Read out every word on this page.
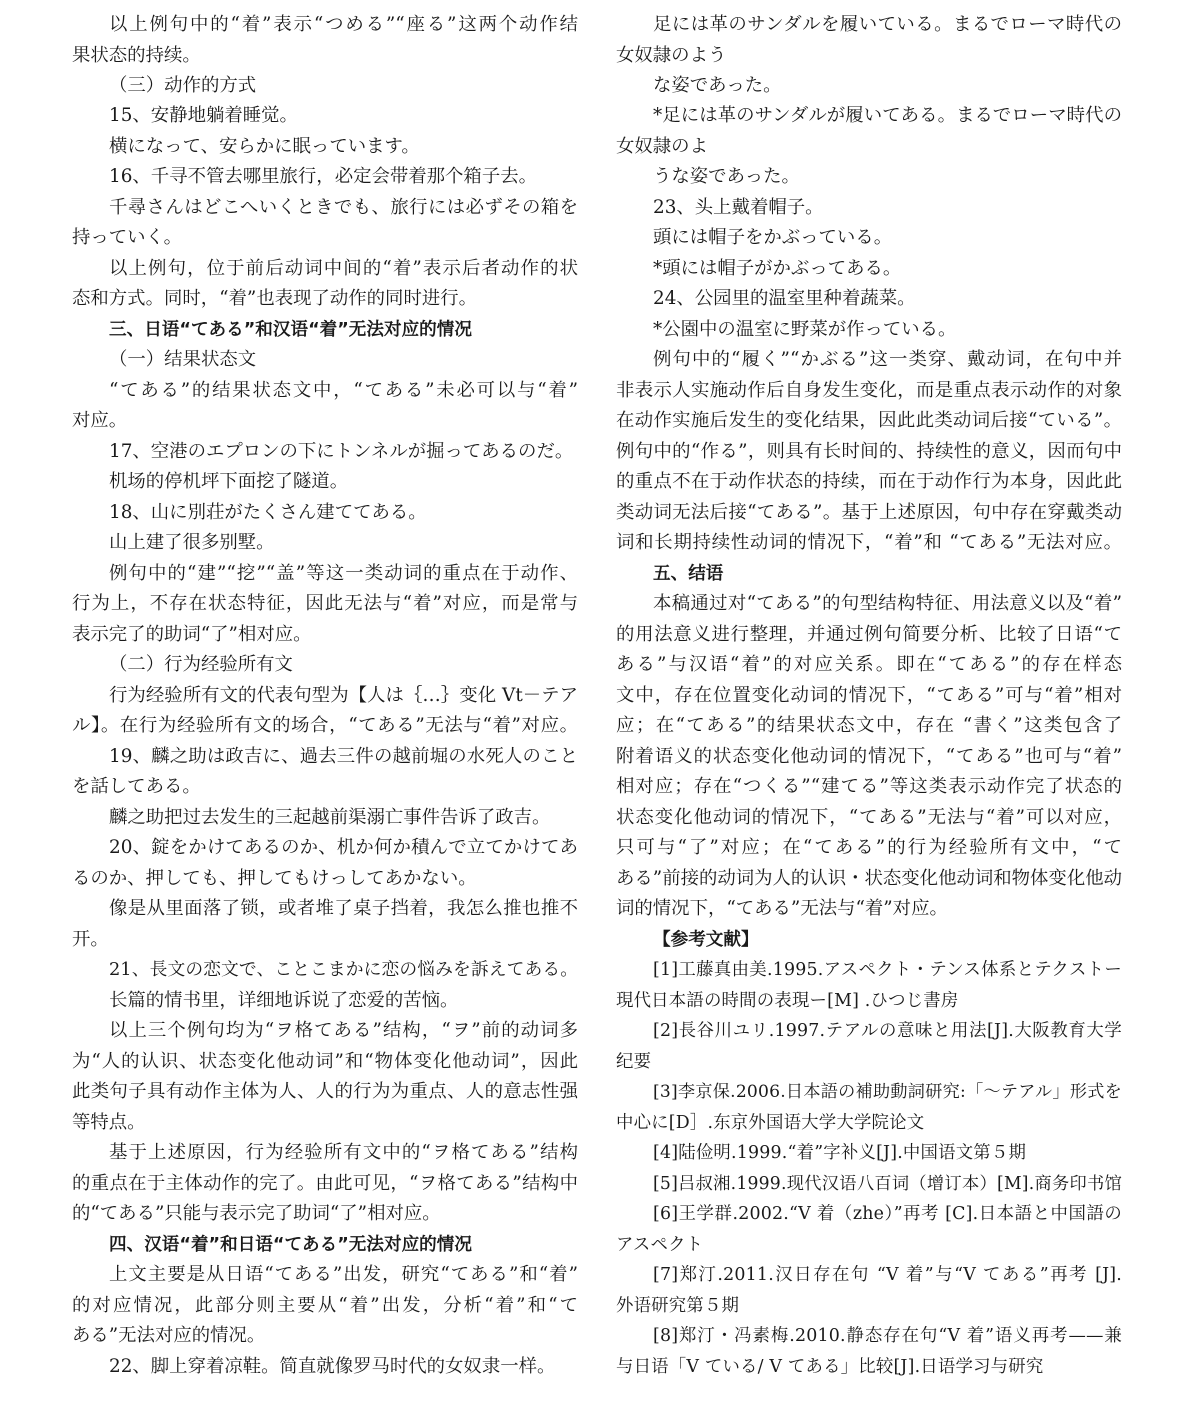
以上例句中的“着”表示“つめる”“座る”这两个动作结
果状态的持续。
（三）动作的方式
15、安静地躺着睡觉。
横になって、安らかに眠っています。
16、千寻不管去哪里旅行，必定会带着那个箱子去。
千尋さんはどこへいくときでも、旅行には必ずその箱を
持っていく。
以上例句，位于前后动词中间的“着”表示后者动作的状
态和方式。同时，“着”也表现了动作的同时进行。
三、日语“てある”和汉语“着”无法对应的情况
（一）结果状态文
“てある”的结果状态文中，“てある”未必可以与“着”
对应。
17、空港のエプロンの下にトンネルが掘ってあるのだ。
机场的停机坪下面挖了隧道。
18、山に別荘がたくさん建ててある。
山上建了很多别墅。
例句中的“建”“挖”“盖”等这一类动词的重点在于动作、
行为上，不存在状态特征，因此无法与“着”对应，而是常与
表示完了的助词“了”相对应。
（二）行为经验所有文
行为经验所有文的代表句型为【人は｛…｝变化 Vt－テア
ル】。在行为经验所有文的场合，“てある”无法与“着”对应。
19、麟之助は政吉に、過去三件の越前堀の水死人のこと
を話してある。
麟之助把过去发生的三起越前渠溺亡事件告诉了政吉。
20、錠をかけてあるのか、机か何か積んで立てかけてあ
るのか、押しても、押してもけっしてあかない。
像是从里面落了锁，或者堆了桌子挡着，我怎么推也推不
开。
21、長文の恋文で、ことこまかに恋の悩みを訴えてある。
长篇的情书里，详细地诉说了恋爱的苦恼。
以上三个例句均为“ヲ格てある”结构，“ヲ”前的动词多
为“人的认识、状态变化他动词”和“物体变化他动词”，因此
此类句子具有动作主体为人、人的行为为重点、人的意志性强
等特点。
基于上述原因，行为经验所有文中的“ヲ格てある”结构
的重点在于主体动作的完了。由此可见，“ヲ格てある”结构中
的“てある”只能与表示完了助词“了”相对应。
四、汉语“着”和日语“てある”无法对应的情况
上文主要是从日语“てある”出发，研究“てある”和“着”
的对应情况，此部分则主要从“着”出发，分析“着”和“て
ある”无法对应的情况。
22、脚上穿着凉鞋。简直就像罗马时代的女奴隶一样。
足には革のサンダルを履いている。まるでローマ時代の
女奴隷のよう
な姿であった。
*足には革のサンダルが履いてある。まるでローマ時代の
女奴隷のよ
うな姿であった。
23、头上戴着帽子。
頭には帽子をかぶっている。
*頭には帽子がかぶってある。
24、公园里的温室里种着蔬菜。
*公園中の温室に野菜が作っている。
例句中的“履く”“かぶる”这一类穿、戴动词，在句中并
非表示人实施动作后自身发生变化，而是重点表示动作的对象
在动作实施后发生的变化结果，因此此类动词后接“ている”。
例句中的“作る”，则具有长时间的、持续性的意义，因而句中
的重点不在于动作状态的持续，而在于动作行为本身，因此此
类动词无法后接“てある”。基于上述原因，句中存在穿戴类动
词和长期持续性动词的情况下，“着”和 “てある”无法对应。
五、结语
本稿通过对“てある”的句型结构特征、用法意义以及“着”
的用法意义进行整理，并通过例句简要分析、比较了日语“て
ある”与汉语“着”的对应关系。即在“てある”的存在样态
文中，存在位置变化动词的情况下，“てある”可与“着”相对
应；在“てある”的结果状态文中，存在 “書く”这类包含了
附着语义的状态变化他动词的情况下，“てある”也可与“着”
相对应；存在“つくる”“建てる”等这类表示动作完了状态的
状态变化他动词的情况下，“てある”无法与“着”可以对应，
只可与“了”对应；在“てある”的行为经验所有文中，“て
ある”前接的动词为人的认识・状态变化他动词和物体变化他动
词的情况下，“てある”无法与“着”对应。
【参考文献】
[1]工藤真由美.1995.アスペクト・テンス体系とテクストー
現代日本語の時間の表現ー[M] .ひつじ書房
[2]長谷川ユリ.1997.テアルの意味と用法[J].大阪教育大学
纪要
[3]李京保.2006.日本語の補助動詞研究:「～テアル」形式を
中心に[D］.东京外国语大学大学院论文
[4]陆俭明.1999.“着”字补义[J].中国语文第５期
[5]吕叔湘.1999.现代汉语八百词（增订本）[M].商务印书馆
[6]王学群.2002.“V 着（zhe）”再考 [C].日本語と中国語の
アスペクト
[7]郑汀.2011.汉日存在句 “V 着”与“V てある”再考 [J].
外语研究第５期
[8]郑汀・冯素梅.2010.静态存在句“V 着”语义再考——兼
与日语「V ている/ V てある」比较[J].日语学习与研究
